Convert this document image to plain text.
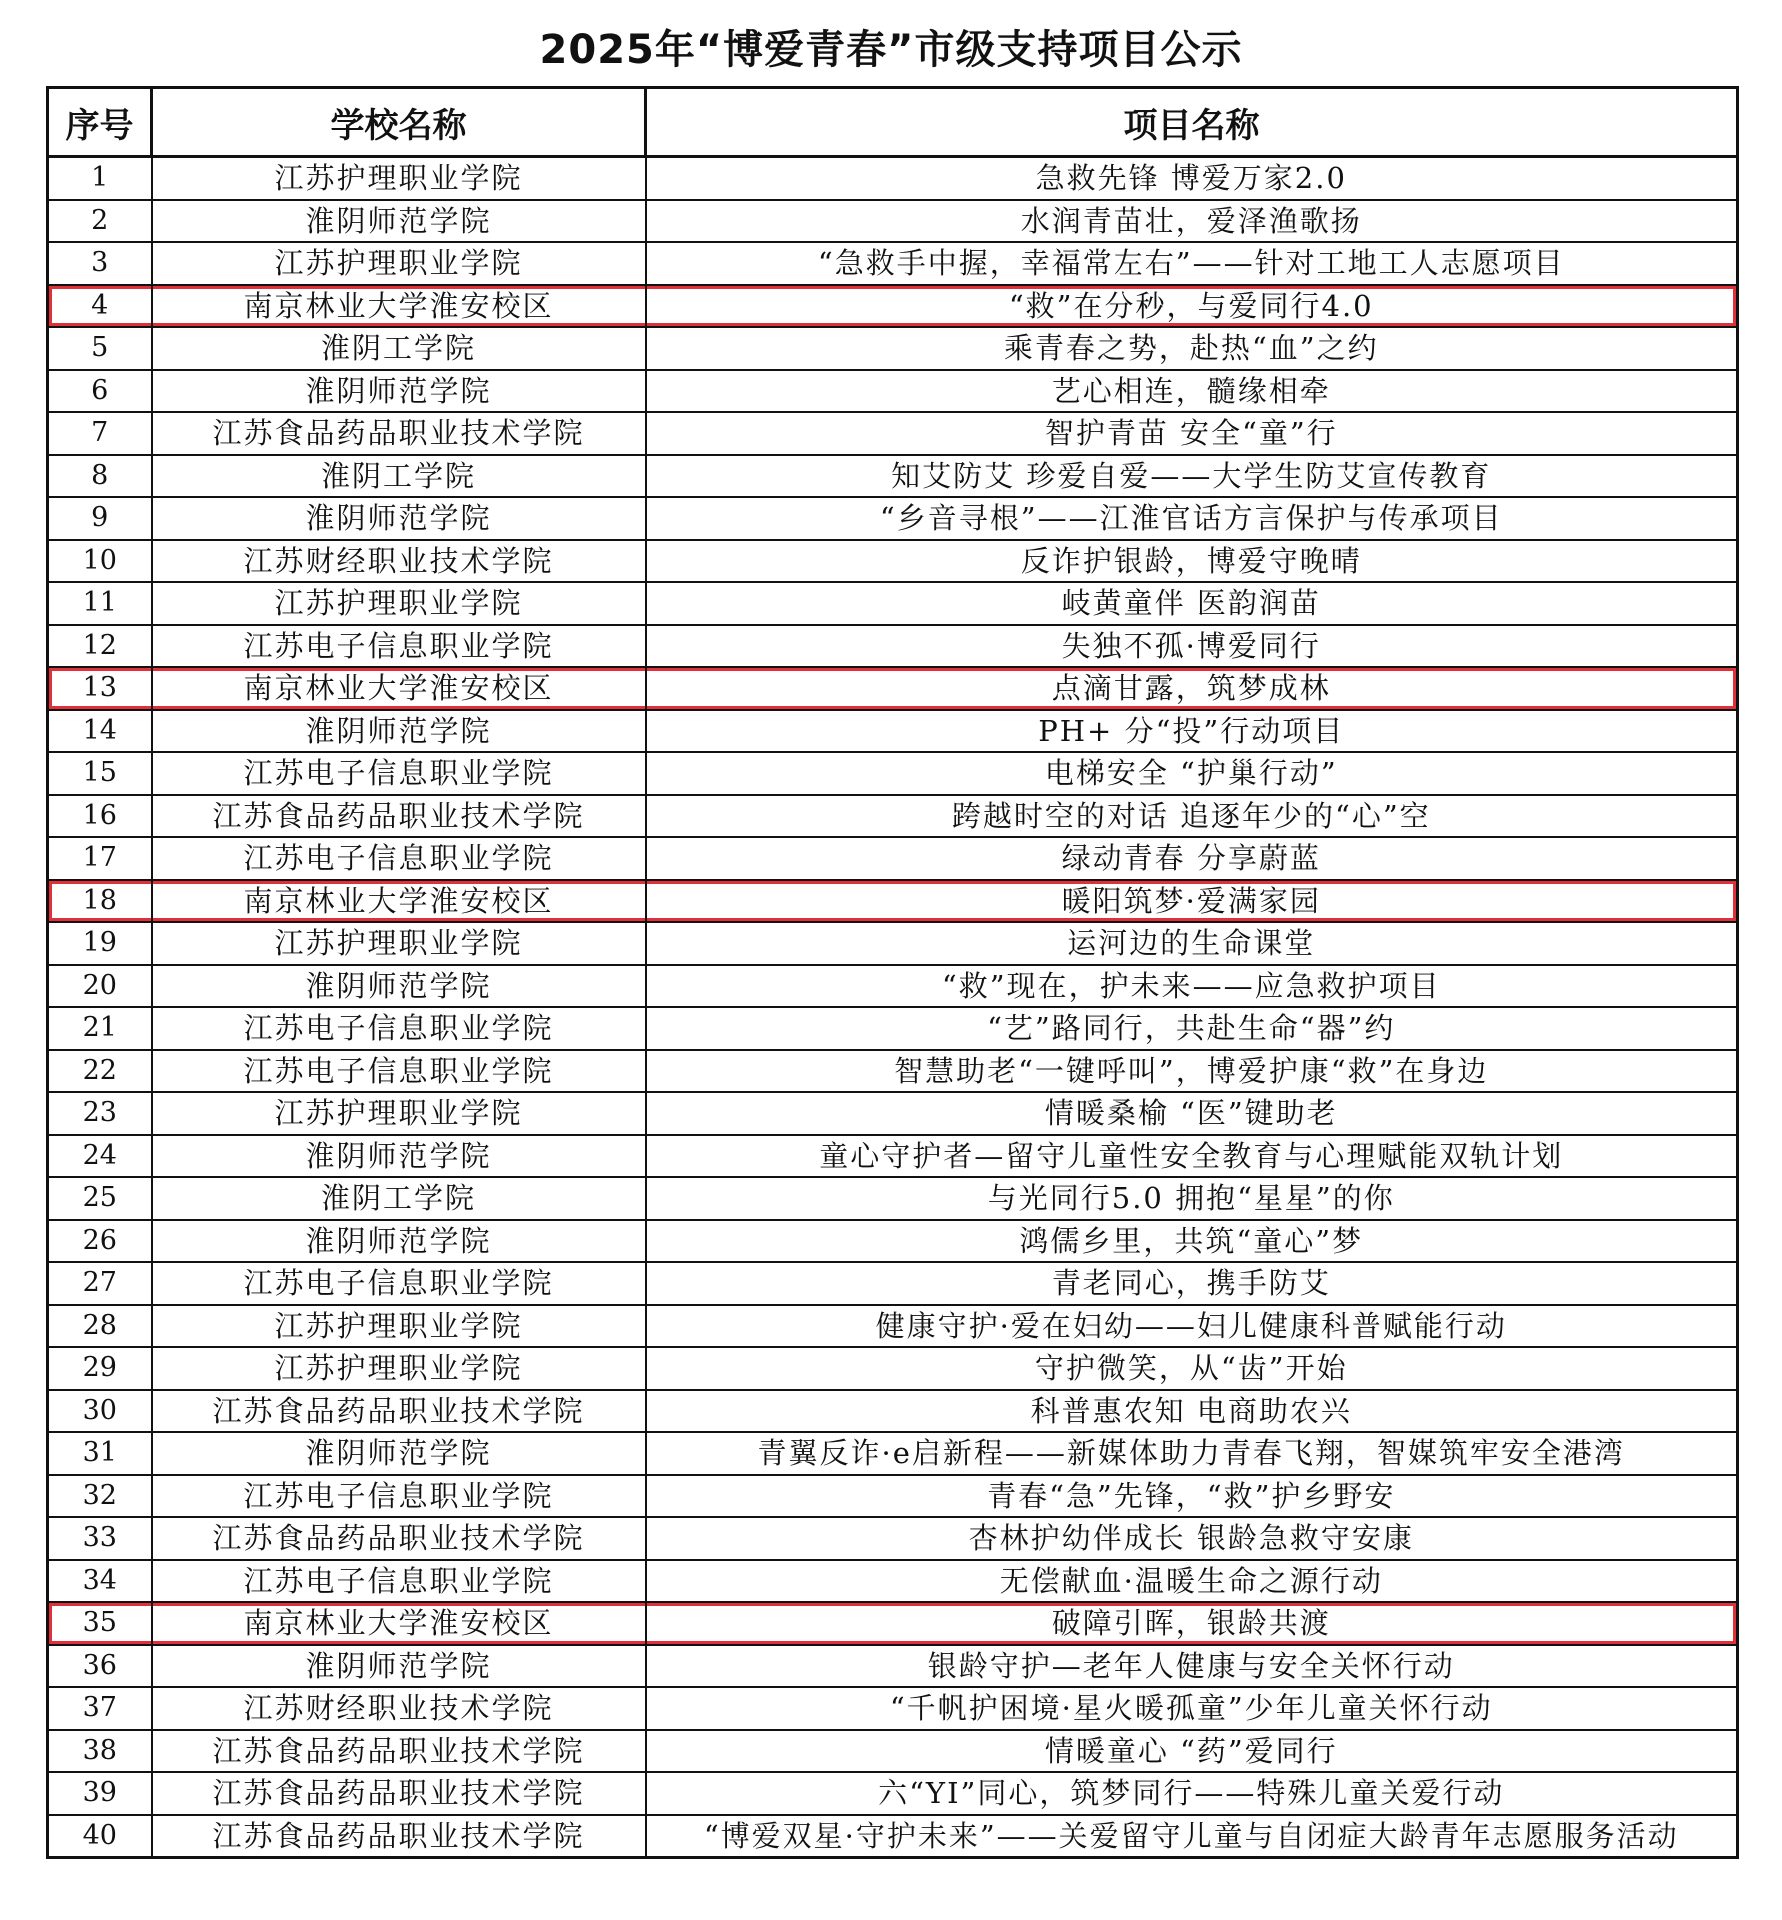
2025年“博爱青春”市级支持项目公示
序号	学校名称	项目名称
1	江苏护理职业学院	急救先锋 博爱万家2.0
2	淮阴师范学院	水润青苗壮，爱泽渔歌扬
3	江苏护理职业学院	“急救手中握，幸福常左右”——针对工地工人志愿项目
4	南京林业大学淮安校区	“救”在分秒，与爱同行4.0
5	淮阴工学院	乘青春之势，赴热“血”之约
6	淮阴师范学院	艺心相连，髓缘相牵
7	江苏食品药品职业技术学院	智护青苗 安全“童”行
8	淮阴工学院	知艾防艾 珍爱自爱——大学生防艾宣传教育
9	淮阴师范学院	“乡音寻根”——江淮官话方言保护与传承项目
10	江苏财经职业技术学院	反诈护银龄，博爱守晚晴
11	江苏护理职业学院	岐黄童伴 医韵润苗
12	江苏电子信息职业学院	失独不孤·博爱同行
13	南京林业大学淮安校区	点滴甘露，筑梦成林
14	淮阴师范学院	PH+ 分“投”行动项目
15	江苏电子信息职业学院	电梯安全 “护巢行动”
16	江苏食品药品职业技术学院	跨越时空的对话 追逐年少的“心”空
17	江苏电子信息职业学院	绿动青春 分享蔚蓝
18	南京林业大学淮安校区	暖阳筑梦·爱满家园
19	江苏护理职业学院	运河边的生命课堂
20	淮阴师范学院	“救”现在，护未来——应急救护项目
21	江苏电子信息职业学院	“艺”路同行，共赴生命“器”约
22	江苏电子信息职业学院	智慧助老“一键呼叫”，博爱护康“救”在身边
23	江苏护理职业学院	情暖桑榆 “医”键助老
24	淮阴师范学院	童心守护者—留守儿童性安全教育与心理赋能双轨计划
25	淮阴工学院	与光同行5.0 拥抱“星星”的你
26	淮阴师范学院	鸿儒乡里，共筑“童心”梦
27	江苏电子信息职业学院	青老同心，携手防艾
28	江苏护理职业学院	健康守护·爱在妇幼——妇儿健康科普赋能行动
29	江苏护理职业学院	守护微笑，从“齿”开始
30	江苏食品药品职业技术学院	科普惠农知 电商助农兴
31	淮阴师范学院	青翼反诈·e启新程——新媒体助力青春飞翔，智媒筑牢安全港湾
32	江苏电子信息职业学院	青春“急”先锋，“救”护乡野安
33	江苏食品药品职业技术学院	杏林护幼伴成长 银龄急救守安康
34	江苏电子信息职业学院	无偿献血·温暖生命之源行动
35	南京林业大学淮安校区	破障引晖，银龄共渡
36	淮阴师范学院	银龄守护—老年人健康与安全关怀行动
37	江苏财经职业技术学院	“千帆护困境·星火暖孤童”少年儿童关怀行动
38	江苏食品药品职业技术学院	情暖童心 “药”爱同行
39	江苏食品药品职业技术学院	六“YI”同心，筑梦同行——特殊儿童关爱行动
40	江苏食品药品职业技术学院	“博爱双星·守护未来”——关爱留守儿童与自闭症大龄青年志愿服务活动
